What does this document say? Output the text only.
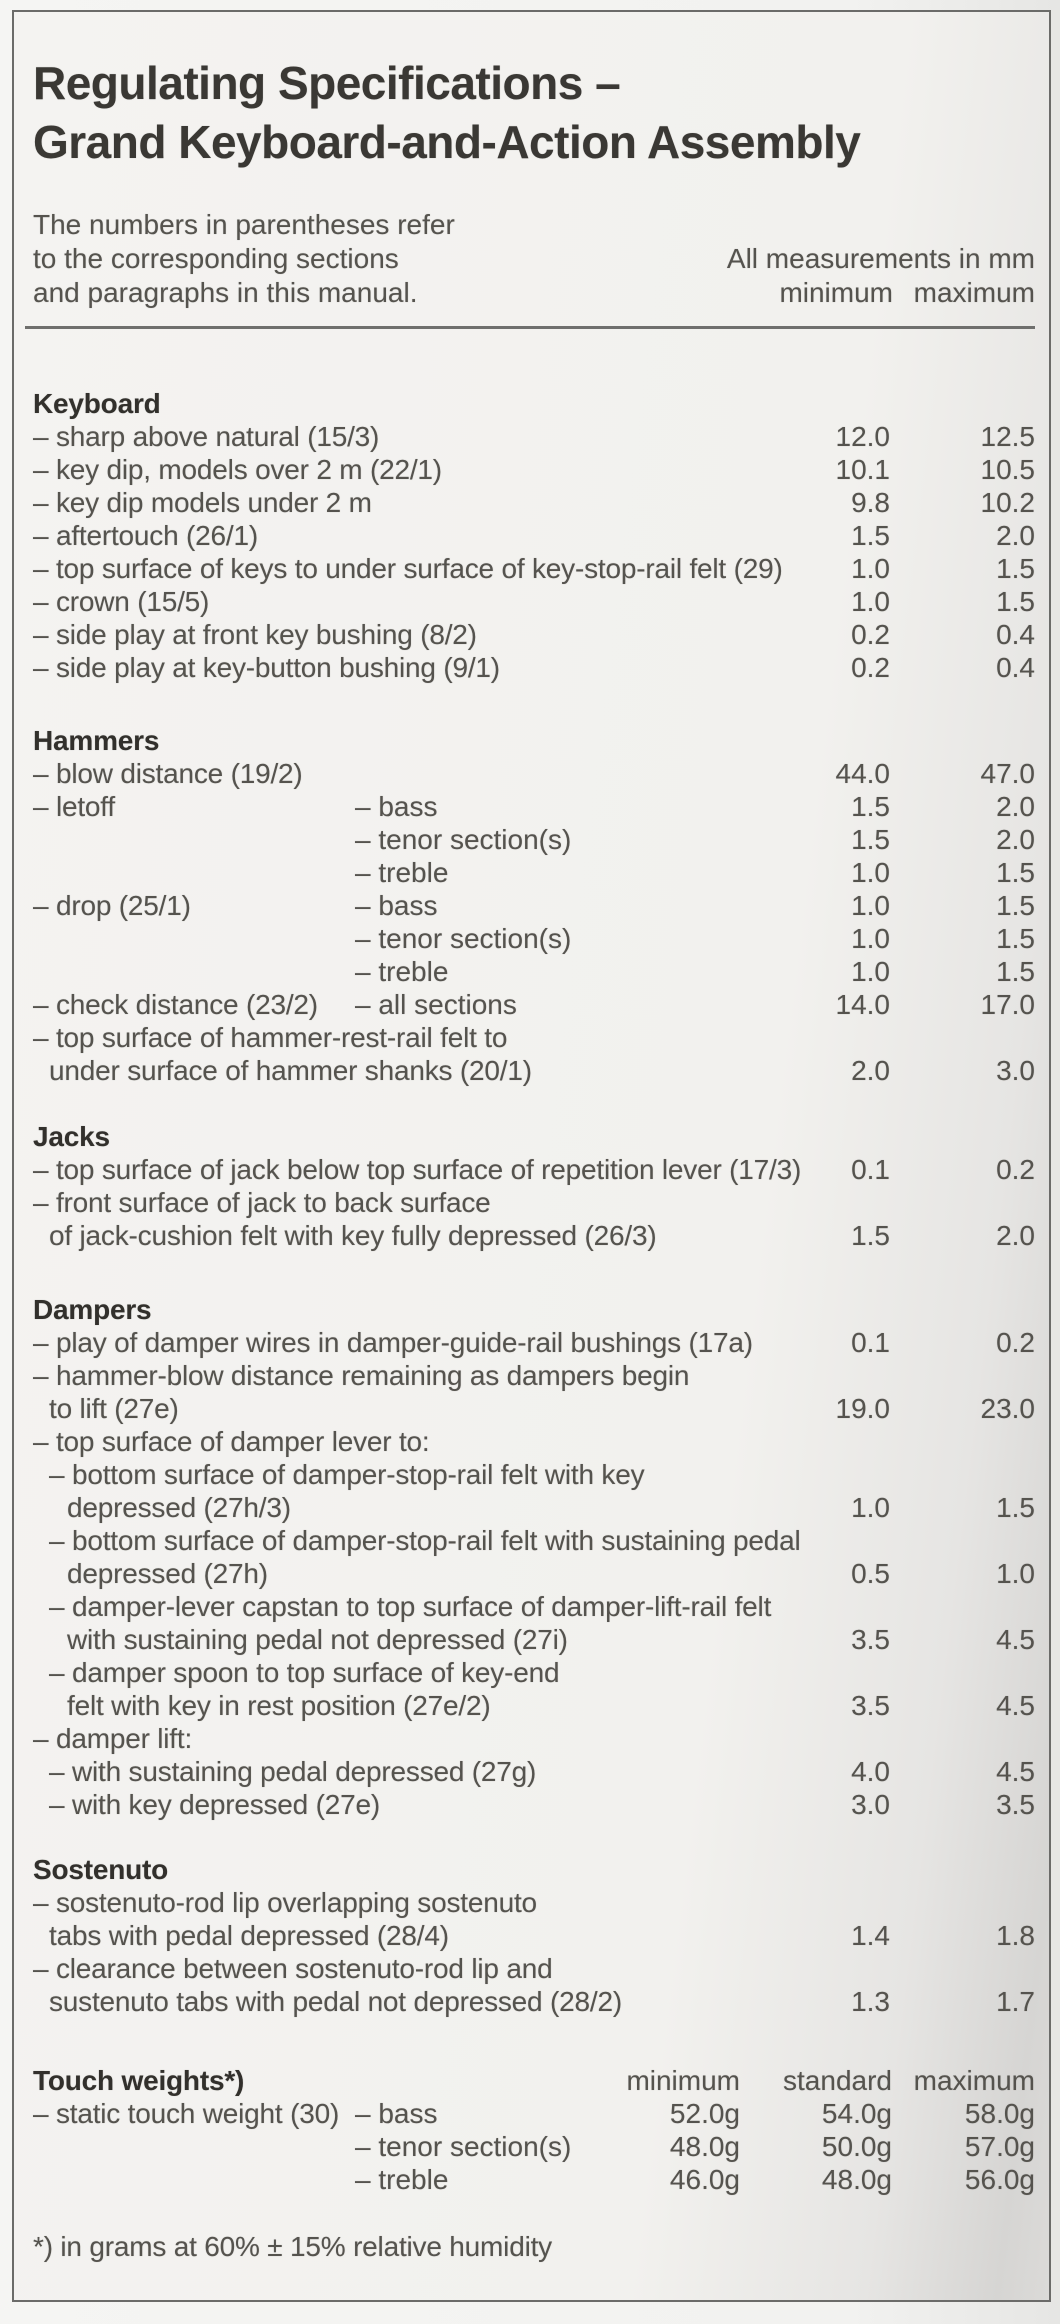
Regulating Specifications –
Grand Keyboard-and-Action Assembly
The numbers in parentheses refer
to the corresponding sections
and paragraphs in this manual.
All measurements in mm
minimum maximum
Keyboard
– sharp above natural (15/3)	12.0	12.5
– key dip, models over 2 m (22/1)	10.1	10.5
– key dip models under 2 m	9.8	10.2
– aftertouch (26/1)	1.5	2.0
– top surface of keys to under surface of key-stop-rail felt (29) 1.0	1.5
– crown (15/5)	1.0	1.5
– side play at front key bushing (8/2)	0.2	0.4
– side play at key-button bushing (9/1)	0.2	0.4
Hammers
– blow distance (19/2)	44.0	47.0
– letoff	– bass	1.5	2.0
– tenor section(s)	1.5	2.0
– treble	1.0	1.5
– drop (25/1)	– bass	1.0	1.5
– tenor section(s)	1.0	1.5
– treble	1.0	1.5
– check distance (23/2) – all sections	14.0	17.0
– top surface of hammer-rest-rail felt to
under surface of hammer shanks (20/1)	2.0	3.0
Jacks
– top surface of jack below top surface of repetition lever (17/3) 0.1	0.2
– front surface of jack to back surface
of jack-cushion felt with key fully depressed (26/3)	1.5	2.0
Dampers
– play of damper wires in damper-guide-rail bushings (17a)	0.1	0.2
– hammer-blow distance remaining as dampers begin
to lift (27e)	19.0	23.0
– top surface of damper lever to:
– bottom surface of damper-stop-rail felt with key
depressed (27h/3)	1.0	1.5
– bottom surface of damper-stop-rail felt with sustaining pedal
depressed (27h)	0.5	1.0
– damper-lever capstan to top surface of damper-lift-rail felt
with sustaining pedal not depressed (27i)	3.5	4.5
– damper spoon to top surface of key-end
felt with key in rest position (27e/2)	3.5	4.5
– damper lift:
– with sustaining pedal depressed (27g)	4.0	4.5
– with key depressed (27e)	3.0	3.5
Sostenuto
– sostenuto-rod lip overlapping sostenuto
tabs with pedal depressed (28/4)	1.4	1.8
– clearance between sostenuto-rod lip and
sustenuto tabs with pedal not depressed (28/2)	1.3	1.7
Touch weights*)	minimum standard maximum
– static touch weight (30) – bass	52.0g	54.0g	58.0g
– tenor section(s)	48.0g	50.0g	57.0g
– treble	46.0g	48.0g	56.0g
*) in grams at 60% ± 15% relative humidity
